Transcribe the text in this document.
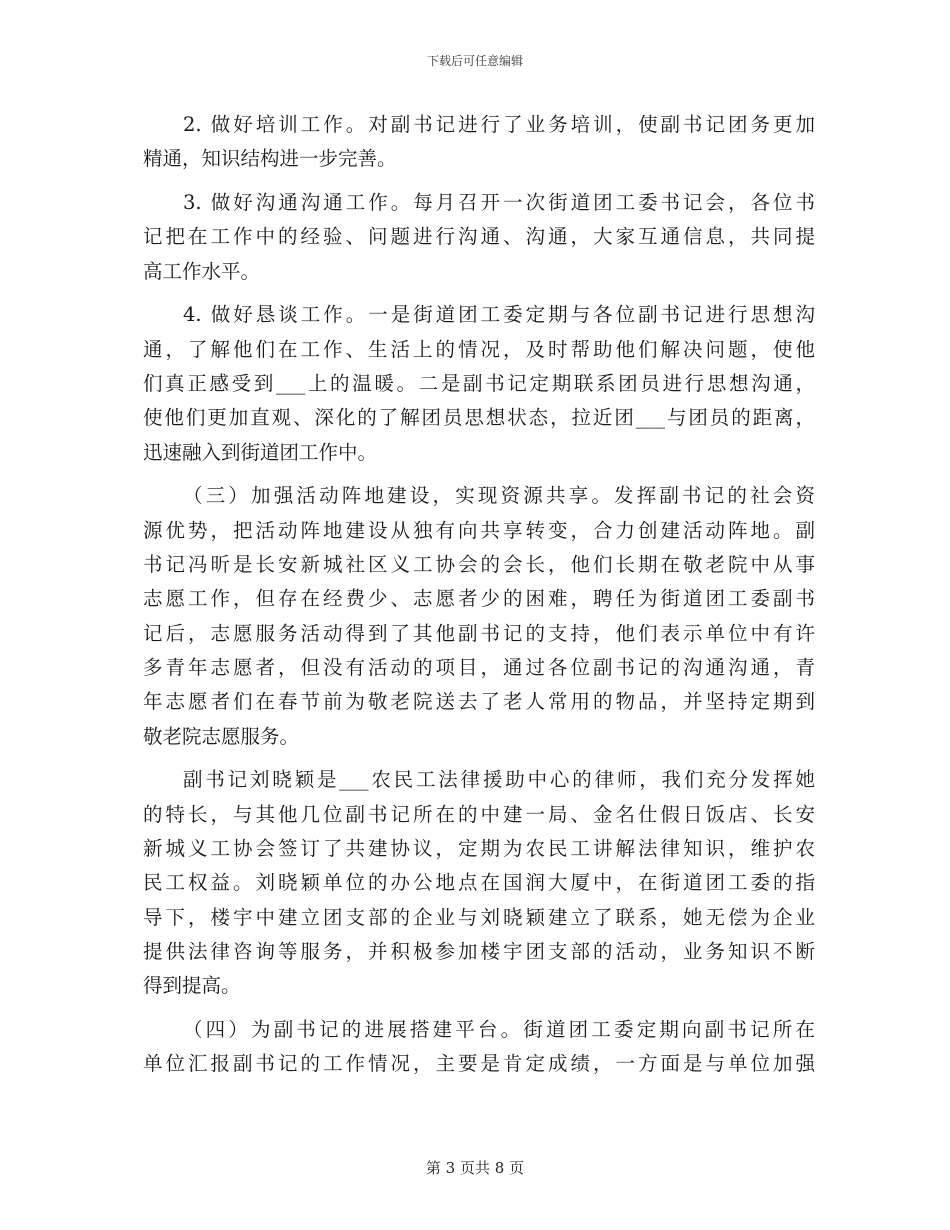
下载后可任意编辑
2. 做好培训工作。对副书记进行了业务培训，使副书记团务更加
精通，知识结构进一步完善。
3. 做好沟通沟通工作。每月召开一次街道团工委书记会，各位书
记把在工作中的经验、问题进行沟通、沟通，大家互通信息，共同提
高工作水平。
4. 做好恳谈工作。一是街道团工委定期与各位副书记进行思想沟
通，了解他们在工作、生活上的情况，及时帮助他们解决问题，使他
们真正感受到___上的温暖。二是副书记定期联系团员进行思想沟通，
使他们更加直观、深化的了解团员思想状态，拉近团___与团员的距离，
迅速融入到街道团工作中。
（三）加强活动阵地建设，实现资源共享。发挥副书记的社会资
源优势，把活动阵地建设从独有向共享转变，合力创建活动阵地。副
书记冯昕是长安新城社区义工协会的会长，他们长期在敬老院中从事
志愿工作，但存在经费少、志愿者少的困难，聘任为街道团工委副书
记后，志愿服务活动得到了其他副书记的支持，他们表示单位中有许
多青年志愿者，但没有活动的项目，通过各位副书记的沟通沟通，青
年志愿者们在春节前为敬老院送去了老人常用的物品，并坚持定期到
敬老院志愿服务。
副书记刘晓颖是___农民工法律援助中心的律师，我们充分发挥她
的特长，与其他几位副书记所在的中建一局、金名仕假日饭店、长安
新城义工协会签订了共建协议，定期为农民工讲解法律知识，维护农
民工权益。刘晓颖单位的办公地点在国润大厦中，在街道团工委的指
导下，楼宇中建立团支部的企业与刘晓颖建立了联系，她无偿为企业
提供法律咨询等服务，并积极参加楼宇团支部的活动，业务知识不断
得到提高。
（四）为副书记的进展搭建平台。街道团工委定期向副书记所在
单位汇报副书记的工作情况，主要是肯定成绩，一方面是与单位加强
第 3 页共 8 页
